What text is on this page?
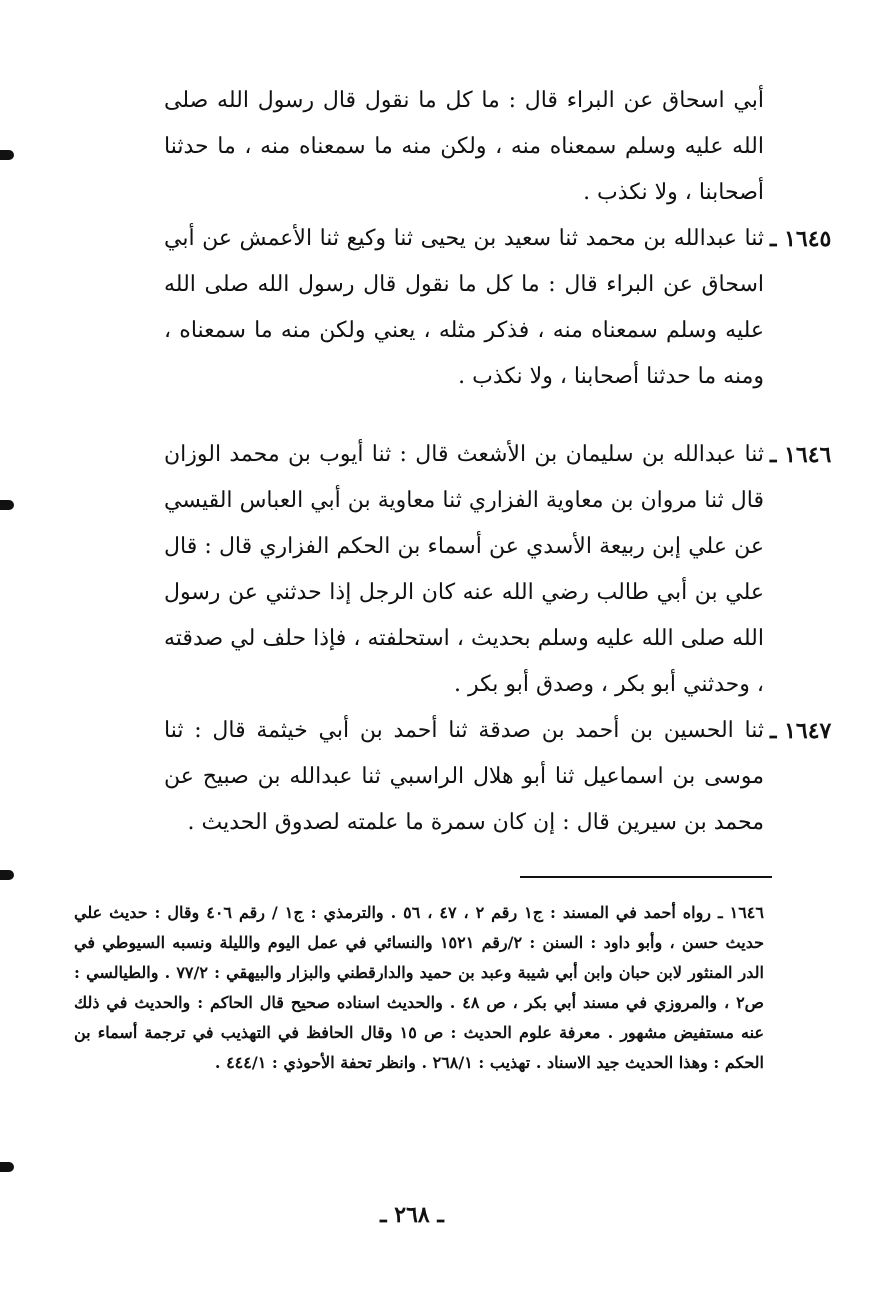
أبي اسحاق عن البراء قال : ما كل ما نقول قال رسول الله صلى الله عليه وسلم سمعناه منه ، ولكن منه ما سمعناه منه ، ما حدثنا أصحابنا ، ولا نكذب .

١٦٤٥ ـ

ثنا عبدالله بن محمد ثنا سعيد بن يحيى ثنا وكيع ثنا الأعمش عن أبي اسحاق عن البراء قال : ما كل ما نقول قال رسول الله صلى الله عليه وسلم سمعناه منه ، فذكر مثله ، يعني ولكن منه ما سمعناه ، ومنه ما حدثنا أصحابنا ، ولا نكذب .

١٦٤٦ ـ

ثنا عبدالله بن سليمان بن الأشعث قال : ثنا أيوب بن محمد الوزان قال ثنا مروان بن معاوية الفزاري ثنا معاوية بن أبي العباس القيسي عن علي إبن ربيعة الأسدي عن أسماء بن الحكم الفزاري قال : قال علي بن أبي طالب رضي الله عنه كان الرجل إذا حدثني عن رسول الله صلى الله عليه وسلم بحديث ، استحلفته ، فإذا حلف لي صدقته ، وحدثني أبو بكر ، وصدق أبو بكر .

١٦٤٧ ـ

ثنا الحسين بن أحمد بن صدقة ثنا أحمد بن أبي خيثمة قال : ثنا موسى بن اسماعيل ثنا أبو هلال الراسبي ثنا عبدالله بن صبيح عن محمد بن سيرين قال : إن كان سمرة ما علمته لصدوق الحديث .

١٦٤٦ ـ رواه أحمد في المسند : ج١ رقم ٢ ، ٤٧ ، ٥٦ . والترمذي : ج١ / رقم ٤٠٦ وقال : حديث علي حديث حسن ، وأبو داود : السنن : ٢/رقم ١٥٢١ والنسائي في عمل اليوم والليلة ونسبه السيوطي في الدر المنثور لابن حبان وابن أبي شيبة وعبد بن حميد والدارقطني والبزار والبيهقي : ٧٧/٢ . والطيالسي : ص٢ ، والمروزي في مسند أبي بكر ، ص ٤٨ . والحديث اسناده صحيح قال الحاكم : والحديث في ذلك عنه مستفيض مشهور . معرفة علوم الحديث : ص ١٥ وقال الحافظ في التهذيب في ترجمة أسماء بن الحكم : وهذا الحديث جيد الاسناد . تهذيب : ٢٦٨/١ . وانظر تحفة الأحوذي : ٤٤٤/١ .

ـ ٢٦٨ ـ
